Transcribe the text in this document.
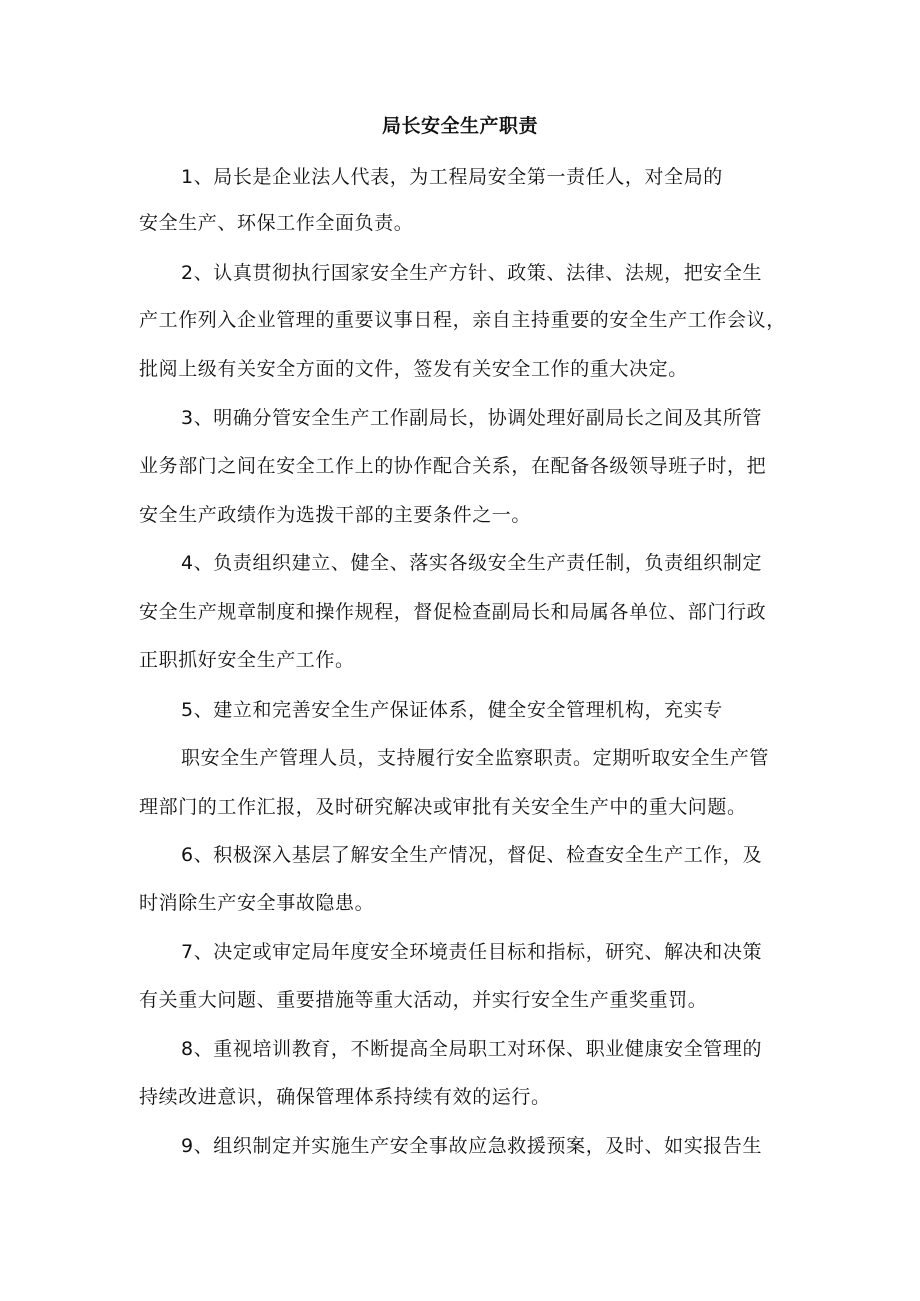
局长安全生产职责
1、局长是企业法人代表，为工程局安全第一责任人，对全局的
安全生产、环保工作全面负责。
2、认真贯彻执行国家安全生产方针、政策、法律、法规，把安全生
产工作列入企业管理的重要议事日程，亲自主持重要的安全生产工作会议，
批阅上级有关安全方面的文件，签发有关安全工作的重大决定。
3、明确分管安全生产工作副局长，协调处理好副局长之间及其所管
业务部门之间在安全工作上的协作配合关系，在配备各级领导班子时，把
安全生产政绩作为选拨干部的主要条件之一。
4、负责组织建立、健全、落实各级安全生产责任制，负责组织制定
安全生产规章制度和操作规程，督促检查副局长和局属各单位、部门行政
正职抓好安全生产工作。
5、建立和完善安全生产保证体系，健全安全管理机构，充实专
职安全生产管理人员，支持履行安全监察职责。定期听取安全生产管
理部门的工作汇报，及时研究解决或审批有关安全生产中的重大问题。
6、积极深入基层了解安全生产情况，督促、检查安全生产工作，及
时消除生产安全事故隐患。
7、决定或审定局年度安全环境责任目标和指标，研究、解决和决策
有关重大问题、重要措施等重大活动，并实行安全生产重奖重罚。
8、重视培训教育，不断提高全局职工对环保、职业健康安全管理的
持续改进意识，确保管理体系持续有效的运行。
9、组织制定并实施生产安全事故应急救援预案，及时、如实报告生
